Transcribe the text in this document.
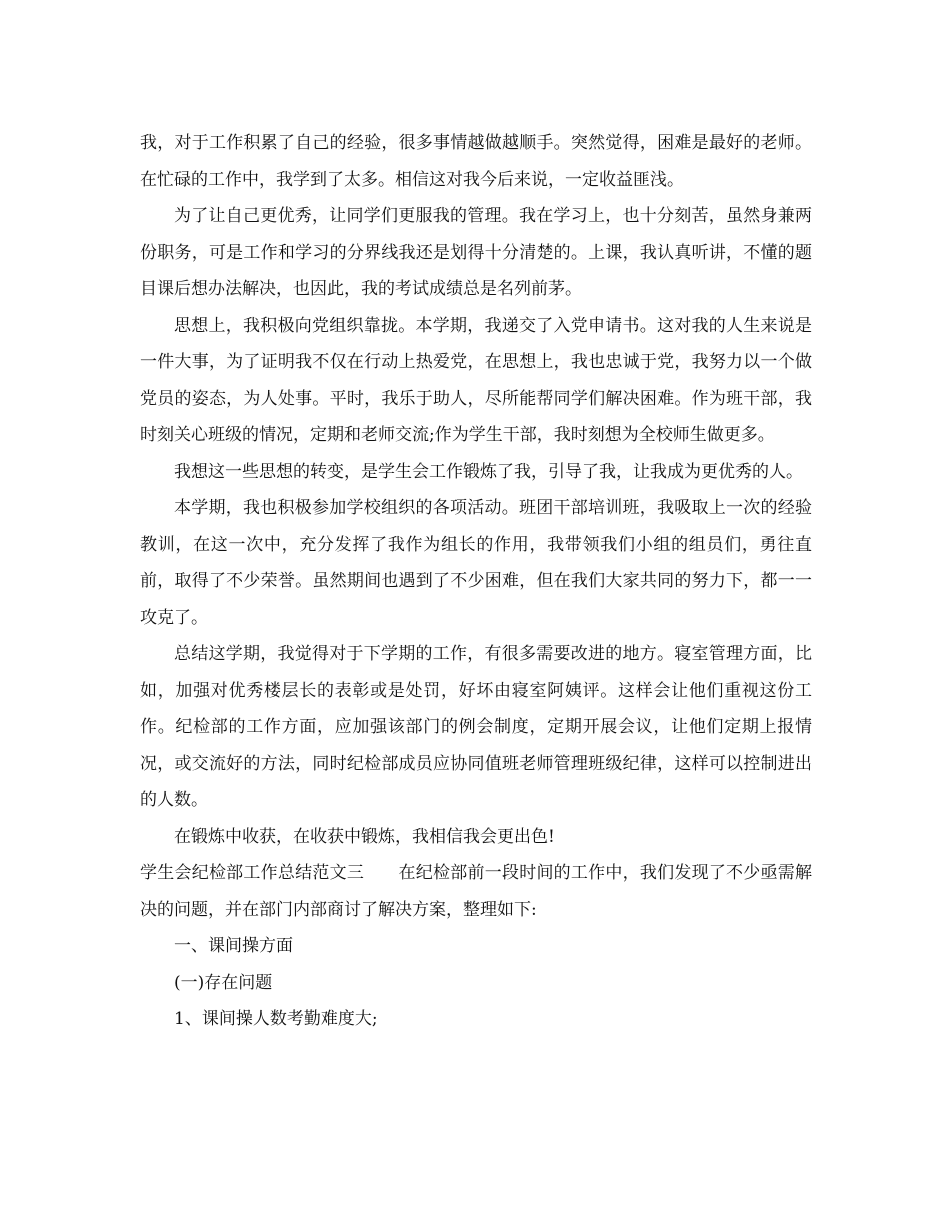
我，对于工作积累了自己的经验，很多事情越做越顺手。突然觉得，困难是最好的老师。在忙碌的工作中，我学到了太多。相信这对我今后来说，一定收益匪浅。

为了让自己更优秀，让同学们更服我的管理。我在学习上，也十分刻苦，虽然身兼两份职务，可是工作和学习的分界线我还是划得十分清楚的。上课，我认真听讲，不懂的题目课后想办法解决，也因此，我的考试成绩总是名列前茅。

思想上，我积极向党组织靠拢。本学期，我递交了入党申请书。这对我的人生来说是一件大事，为了证明我不仅在行动上热爱党，在思想上，我也忠诚于党，我努力以一个做党员的姿态，为人处事。平时，我乐于助人，尽所能帮同学们解决困难。作为班干部，我时刻关心班级的情况，定期和老师交流;作为学生干部，我时刻想为全校师生做更多。

我想这一些思想的转变，是学生会工作锻炼了我，引导了我，让我成为更优秀的人。

本学期，我也积极参加学校组织的各项活动。班团干部培训班，我吸取上一次的经验教训，在这一次中，充分发挥了我作为组长的作用，我带领我们小组的组员们，勇往直前，取得了不少荣誉。虽然期间也遇到了不少困难，但在我们大家共同的努力下，都一一攻克了。

总结这学期，我觉得对于下学期的工作，有很多需要改进的地方。寝室管理方面，比如，加强对优秀楼层长的表彰或是处罚，好坏由寝室阿姨评。这样会让他们重视这份工作。纪检部的工作方面，应加强该部门的例会制度，定期开展会议，让他们定期上报情况，或交流好的方法，同时纪检部成员应协同值班老师管理班级纪律，这样可以控制进出的人数。

在锻炼中收获，在收获中锻炼，我相信我会更出色!

学生会纪检部工作总结范文三　　在纪检部前一段时间的工作中，我们发现了不少亟需解决的问题，并在部门内部商讨了解决方案，整理如下:

一、课间操方面

(一)存在问题

1、课间操人数考勤难度大;
